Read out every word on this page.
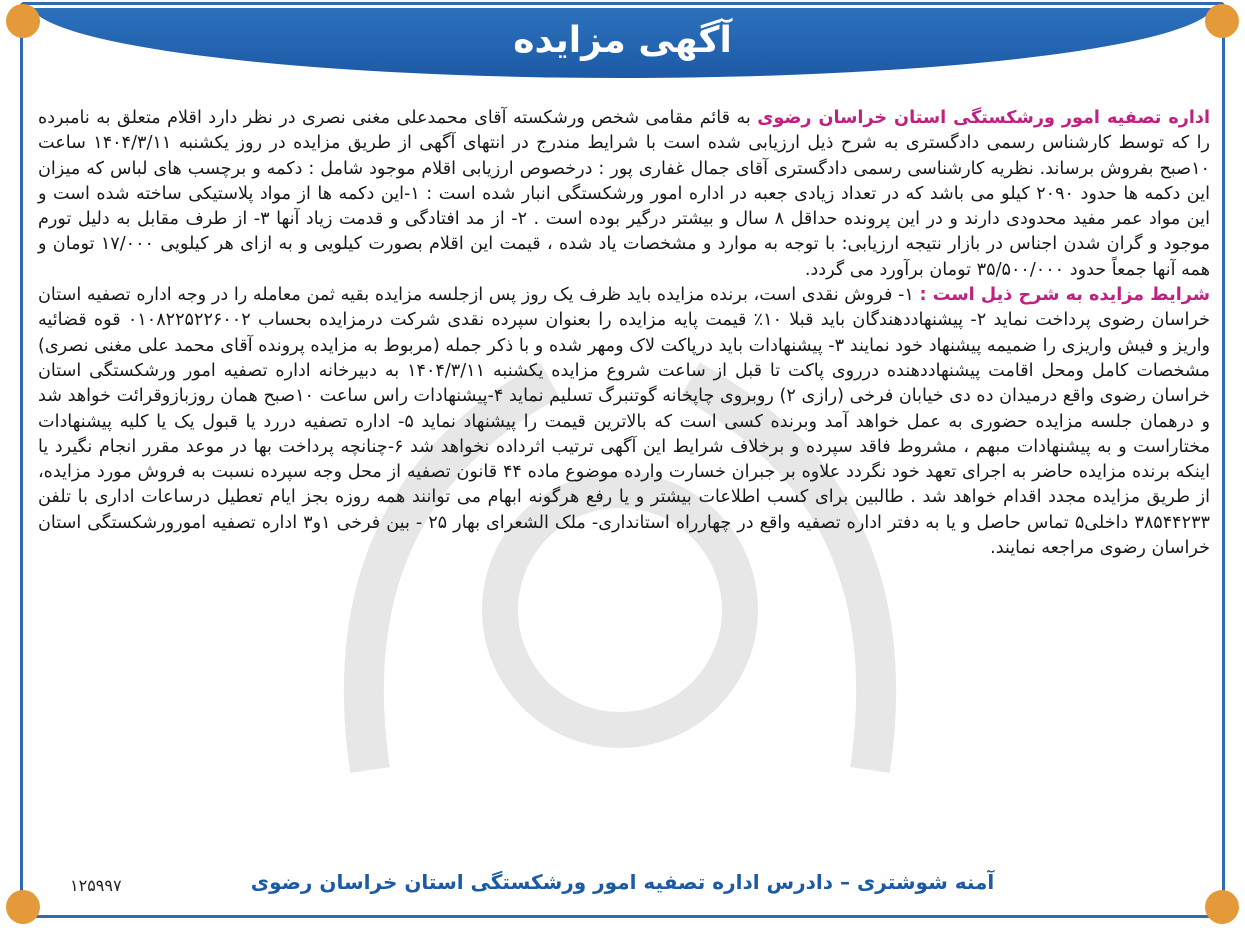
آگهی مزایده

اداره تصفیه امور ورشکستگی استان خراسان رضوی به قائم مقامی شخص ورشکسته آقای محمدعلی مغنی نصری در نظر دارد اقلام متعلق به نامبرده را که توسط کارشناس رسمی دادگستری به شرح ذیل ارزیابی شده است با شرایط مندرج در انتهای آگهی از طریق مزایده در روز یکشنبه ۱۴۰۴/۳/۱۱ ساعت ۱۰صبح بفروش برساند. نظریه کارشناسی رسمی دادگستری آقای جمال غفاری پور : درخصوص ارزیابی اقلام موجود شامل : دکمه و برچسب های لباس که میزان این دکمه ها حدود ۲۰۹۰ کیلو می باشد که در تعداد زیادی جعبه در اداره امور ورشکستگی انبار شده است : ۱-این دکمه ها از مواد پلاستیکی ساخته شده است و این مواد عمر مفید محدودی دارند و در این پرونده حداقل ۸ سال و بیشتر درگیر بوده است . ۲- از مد افتادگی و قدمت زیاد آنها ۳- از طرف مقابل به دلیل تورم موجود و گران شدن اجناس در بازار نتیجه ارزیابی: با توجه به موارد و مشخصات یاد شده ، قیمت این اقلام بصورت کیلویی و به ازای هر کیلویی ۱۷/۰۰۰ تومان و همه آنها جمعاً حدود ۳۵/۵۰۰/۰۰۰ تومان برآورد می گردد.

شرایط مزایده به شرح ذیل است : ۱- فروش نقدی است، برنده مزایده باید ظرف یک روز پس ازجلسه مزایده بقیه ثمن معامله را در وجه اداره تصفیه استان خراسان رضوی پرداخت نماید ۲- پیشنهاددهندگان باید قبلا ۱۰٪ قیمت پایه مزایده را بعنوان سپرده نقدی شرکت درمزایده بحساب ۰۱۰۸۲۲۵۲۲۶۰۰۲ قوه قضائیه واریز و فیش واریزی را ضمیمه پیشنهاد خود نمایند ۳- پیشنهادات باید درپاکت لاک ومهر شده و با ذکر جمله (مربوط به مزایده پرونده آقای محمد علی مغنی نصری) مشخصات کامل ومحل اقامت پیشنهاددهنده درروی پاکت تا قبل از ساعت شروع مزایده یکشنبه ۱۴۰۴/۳/۱۱ به دبیرخانه اداره تصفیه امور ورشکستگی استان خراسان رضوی واقع درمیدان ده دی خیابان فرخی (رازی ۲) روبروی چاپخانه گوتنبرگ تسلیم نماید ۴-پیشنهادات راس ساعت ۱۰صبح همان روزبازوقرائت خواهد شد و درهمان جلسه مزایده حضوری به عمل خواهد آمد وبرنده کسی است که بالاترین قیمت را پیشنهاد نماید ۵- اداره تصفیه دررد یا قبول یک یا کلیه پیشنهادات مختاراست و به پیشنهادات مبهم ، مشروط فاقد سپرده و برخلاف شرایط این آگهی ترتیب اثرداده نخواهد شد ۶-چنانچه پرداخت بها در موعد مقرر انجام نگیرد یا اینکه برنده مزایده حاضر به اجرای تعهد خود نگردد علاوه بر جبران خسارت وارده موضوع ماده ۴۴ قانون تصفیه از محل وجه سپرده نسبت به فروش مورد مزایده، از طریق مزایده مجدد اقدام خواهد شد . طالبین برای کسب اطلاعات بیشتر و یا رفع هرگونه ابهام می توانند همه روزه بجز ایام تعطیل درساعات اداری با تلفن ۳۸۵۴۴۲۳۳ داخلی۵ تماس حاصل و یا به دفتر اداره تصفیه واقع در چهارراه استانداری- ملک الشعرای بهار ۲۵ - بین فرخی ۱و۳ اداره تصفیه امورورشکستگی استان خراسان رضوی مراجعه نمایند.

آمنه شوشتری – دادرس اداره تصفیه امور ورشکستگی استان خراسان رضوی
۱۲۵۹۹۷
